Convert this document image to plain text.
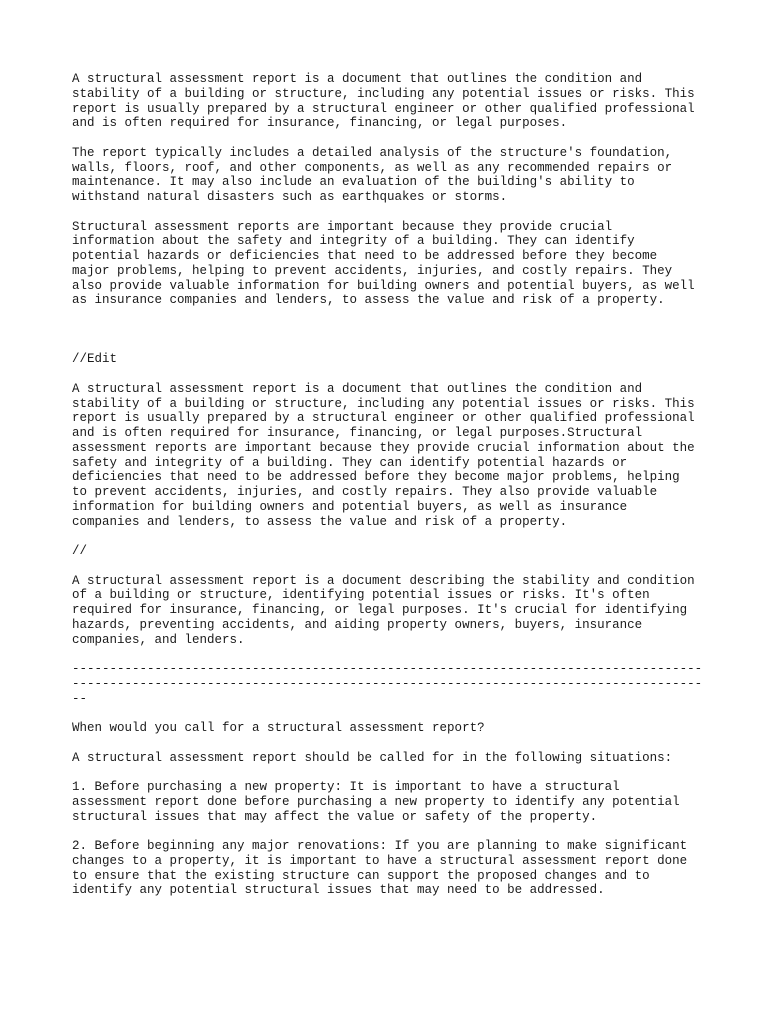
A structural assessment report is a document that outlines the condition and
stability of a building or structure, including any potential issues or risks. This
report is usually prepared by a structural engineer or other qualified professional
and is often required for insurance, financing, or legal purposes.

The report typically includes a detailed analysis of the structure's foundation,
walls, floors, roof, and other components, as well as any recommended repairs or
maintenance. It may also include an evaluation of the building's ability to
withstand natural disasters such as earthquakes or storms.

Structural assessment reports are important because they provide crucial
information about the safety and integrity of a building. They can identify
potential hazards or deficiencies that need to be addressed before they become
major problems, helping to prevent accidents, injuries, and costly repairs. They
also provide valuable information for building owners and potential buyers, as well
as insurance companies and lenders, to assess the value and risk of a property.

//Edit

A structural assessment report is a document that outlines the condition and
stability of a building or structure, including any potential issues or risks. This
report is usually prepared by a structural engineer or other qualified professional
and is often required for insurance, financing, or legal purposes.Structural
assessment reports are important because they provide crucial information about the
safety and integrity of a building. They can identify potential hazards or
deficiencies that need to be addressed before they become major problems, helping
to prevent accidents, injuries, and costly repairs. They also provide valuable
information for building owners and potential buyers, as well as insurance
companies and lenders, to assess the value and risk of a property.

//

A structural assessment report is a document describing the stability and condition
of a building or structure, identifying potential issues or risks. It's often
required for insurance, financing, or legal purposes. It's crucial for identifying
hazards, preventing accidents, and aiding property owners, buyers, insurance
companies, and lenders.

------------------------------------------------------------------------------------
------------------------------------------------------------------------------------
--

When would you call for a structural assessment report?

A structural assessment report should be called for in the following situations:

1. Before purchasing a new property: It is important to have a structural
assessment report done before purchasing a new property to identify any potential
structural issues that may affect the value or safety of the property.

2. Before beginning any major renovations: If you are planning to make significant
changes to a property, it is important to have a structural assessment report done
to ensure that the existing structure can support the proposed changes and to
identify any potential structural issues that may need to be addressed.
